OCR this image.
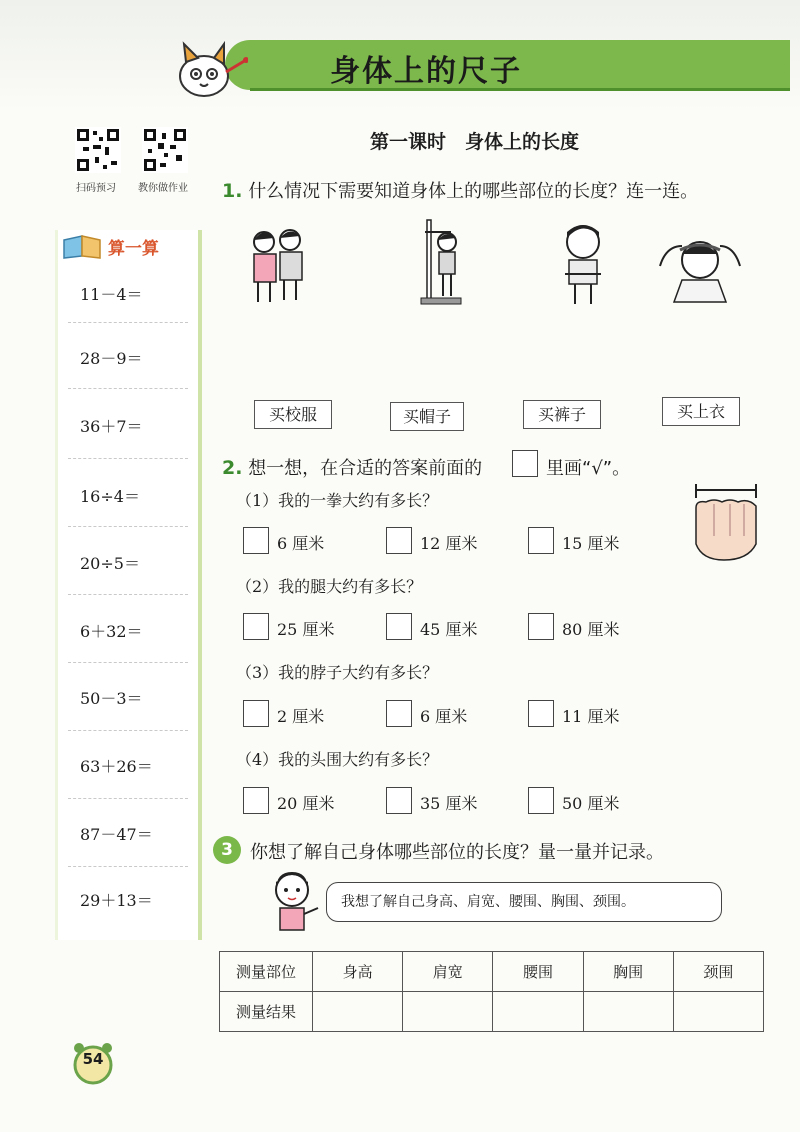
身体上的尺子
扫码预习 教你做作业
算一算
11－4＝
28－9＝
36＋7＝
16÷4＝
20÷5＝
6＋32＝
50－3＝
63＋26＝
87－47＝
29＋13＝
第一课时　身体上的长度
1. 什么情况下需要知道身体上的哪些部位的长度？连一连。
买校服	买帽子	买裤子	买上衣
2. 想一想，在合适的答案前面的	里画“√”。
（1）我的一拳大约有多长？
6 厘米	12 厘米	15 厘米
（2）我的腿大约有多长？
25 厘米	45 厘米	80 厘米
（3）我的脖子大约有多长？
2 厘米	6 厘米	11 厘米
（4）我的头围大约有多长？
20 厘米	35 厘米	50 厘米
3 你想了解自己身体哪些部位的长度？量一量并记录。
我想了解自己身高、肩宽、腰围、胸围、颈围。
测量部位	身高	肩宽	腰围	胸围	颈围
测量结果					
54
